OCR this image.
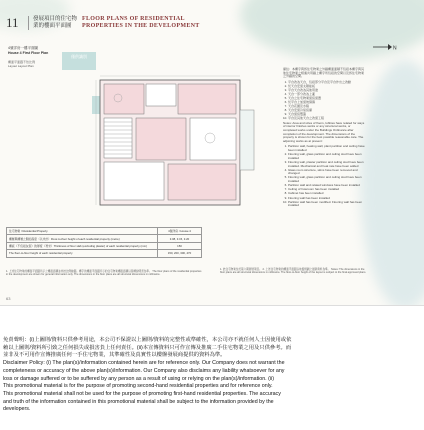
11	發展項目的住宅物業的樓面平面圖
FLOOR PLANS OF RESIDENTIAL
PROPERTIES IN THE DEVELOPMENT
4號洋房一樓平面圖
House 4 First Floor Plan
樓面平面圖不依比例
Layout Layout Plan
N
僅供識別

備註：本樓宇與該住宅物業之外牆樓面面積不包括本樓宇與其他住宅物業之相連共用牆上樓宇所包括的空間以及該住宅物業之外牆的空間。

1. 平台改為天台，包括部分平台及平台作出之改動
2. 於天台安裝太陽能板
3. 平台天台改為其他用途
4. 天台一部分改為上蓋
5. 天台之住宅物業裝設裝置
6. 於平台上加裝玻璃幕
7. 天台花園及水箱
8. 天台安裝冷氣設備
9. 天台裝設簷篷
10. 平台及其他天台之改裝工程

Notes: Area and sizes of floors, lobbies have related for ways of interior finishes works or any structural works, or completed works under the Buildings Ordinance after completion of the development. The dimensions of the property is shown for the best possible reasonable care. The adjoining works as at present:

1. Partition wall, heating wall, plant partition and ceiling have been installed
2. Flooring wall, glass partition and ceiling stud have been installed
3. Flooring wall, plaster partition and ceiling stud have been installed. Mechanical and heat rate have been added
4. Glass room structure, skins have been removed and changed
5. Flooring wall, glass partition and ceiling stud have been installed
6. Partition wall and related windows have been installed
7. Ceiling of hoteroom has been installed
8. Cabinet has been installed
9. Flooring wall has been installed
10. Partition wall has been modified. Flooring wall has been installed
住宅物業 / Residential Property	4號洋房 / House 4
樓層與樓層之間的高度（以米計）Floor-to-floor height of each residential property (metre)	3.08, 3.15, 3.20
樓板（不包括灰泥）的厚度（毫米）Thickness of floor slab (excluding plaster) of each residential property (mm)	150
The floor-to-floor height of each residential property	150, 200, 300, 470
1. 上述住宅物業的樓面平面圖所示之樓面面積並非按比例繪圖。樓宇的樓面平面圖所示的住宅物業樓面面積以售樓說明書為準。 The floor plans of the residential properties in the development are shown for general information only. The dimensions in the floor plans are all structural dimensions in millimetre.
1. 此住宅物業位於第六期發展項目。 2. 上述住宅物業的樓面平面圖以地盤規劃之最新資料為準。 Notes: The dimensions in the floor plans are all structural dimensions in millimetre. The floor-to-floor height of the layout is subject to the final approved plans.
63

免責聲明：(i)上圖則/資料只供參考用途，本公司不保證以上圖則/資料的完整性或準確性，本公司亦不就任何人士因使用或依

賴以上圖則/資料所引致之任何損失或損害負上任何責任。(ii)本宣傳資料只可作宣傳及推廣二手住宅物業之用及只供參考。而

並非及不可用作宣傳推廣任何一手住宅物業，其準確性及真實性以樓盤發展商提供的資料為準。

Disclaimer Policy: (i) The plan(s)/information contained herein are for reference only. Our Company does not warrant the

completeness or accuracy of the above plan(s)/information. Our Company also disclaims any liability whatsoever for any

loss or damage suffered or to be suffered by any person as a result of using or relying on the plan(s)/information. (ii)

This promotional material is for the purpose of promoting second-hand residential properties and for reference only.

This promotional material shall not be used for the purpose of promoting first-hand residential properties. The accuracy

and truth of the information contained in this promotional material shall be subject to the information provided by the

developers.
